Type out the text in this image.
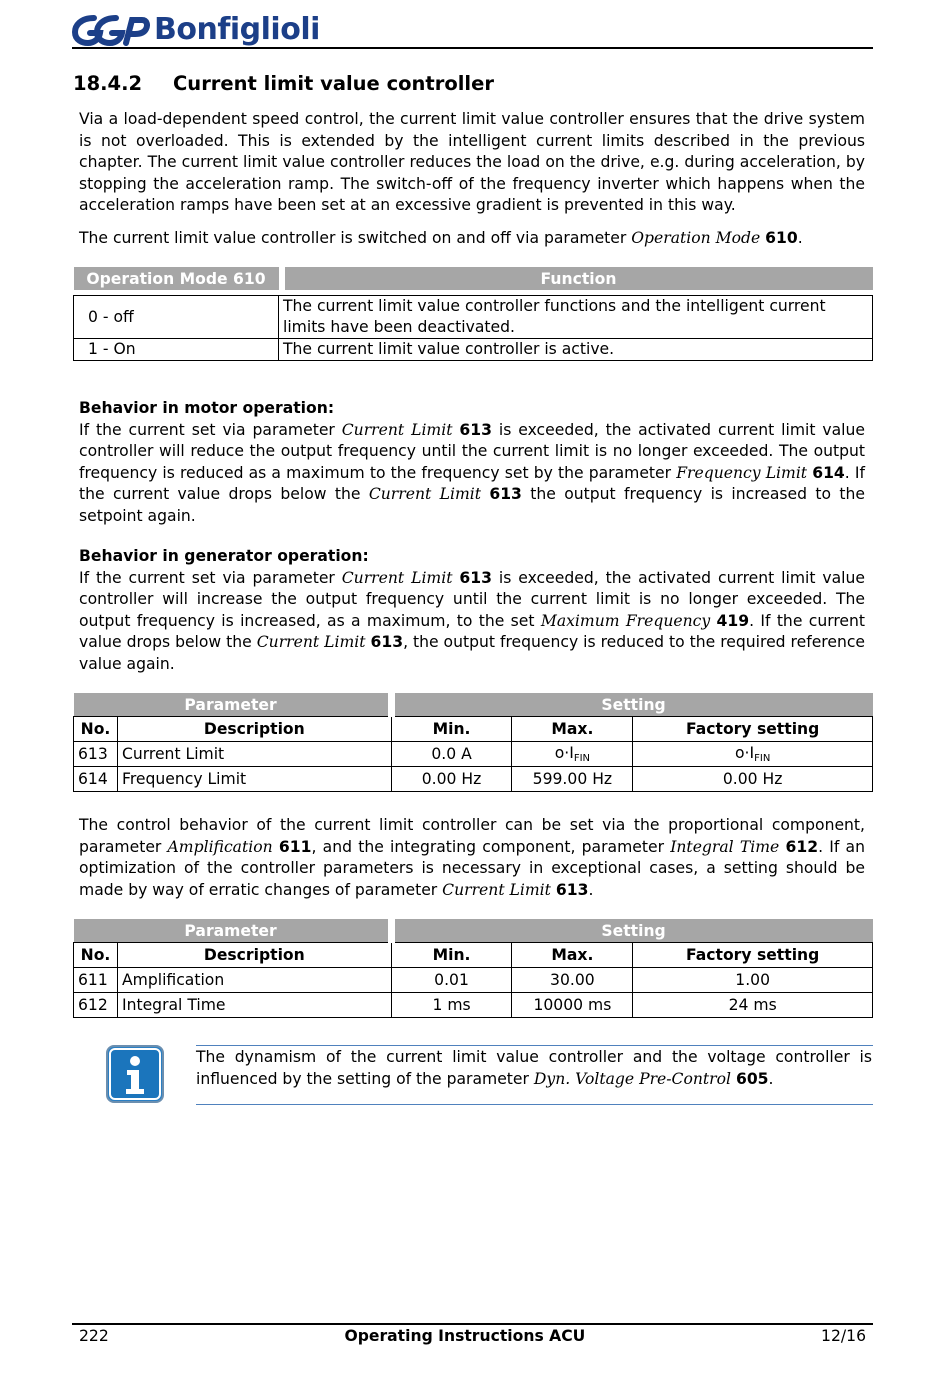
Bonfiglioli
18.4.2	Current limit value controller

Via a load-dependent speed control, the current limit value controller ensures that the drive system is not overloaded. This is extended by the intelligent current limits described in the previous chapter. The current limit value controller reduces the load on the drive, e.g. during acceleration, by stopping the acceleration ramp. The switch-off of the frequency inverter which happens when the acceleration ramps have been set at an excessive gradient is prevented in this way.

The current limit value controller is switched on and off via parameter Operation Mode 610.

Operation Mode 610		Function

0 - off	The current limit value controller functions and the intelligent current limits have been deactivated.	
1 - On	The current limit value controller is active.	

Behavior in motor operation:

If the current set via parameter Current Limit 613 is exceeded, the activated current limit value controller will reduce the output frequency until the current limit is no longer exceeded. The output frequency is reduced as a maximum to the frequency set by the parameter Frequency Limit 614. If the current value drops below the Current Limit 613 the output frequency is increased to the setpoint again.

Behavior in generator operation:

If the current set via parameter Current Limit 613 is exceeded, the activated current limit value controller will increase the output frequency until the current limit is no longer exceeded. The output frequency is increased, as a maximum, to the set Maximum Frequency 419. If the current value drops below the Current Limit 613, the output frequency is reduced to the required reference value again.

Parameter		Setting		
No.	Description	Min.	Max.	Factory setting
613	Current Limit	0.0 A	$o\cdot I_{FIN}$	$o\cdot I_{FIN}$
614	Frequency Limit	0.00 Hz	599.00 Hz	0.00 Hz

The control behavior of the current limit controller can be set via the proportional component, parameter Amplification 611, and the integrating component, parameter Integral Time 612. If an optimization of the controller parameters is necessary in exceptional cases, a setting should be made by way of erratic changes of parameter Current Limit 613.

Parameter		Setting		
No.	Description	Min.	Max.	Factory setting
611	Amplification	0.01	30.00	1.00
612	Integral Time	1 ms	10000 ms	24 ms
The dynamism of the current limit value controller and the voltage controller is influenced by the setting of the parameter Dyn. Voltage Pre-Control 605.
222	Operating Instructions ACU	12/16
